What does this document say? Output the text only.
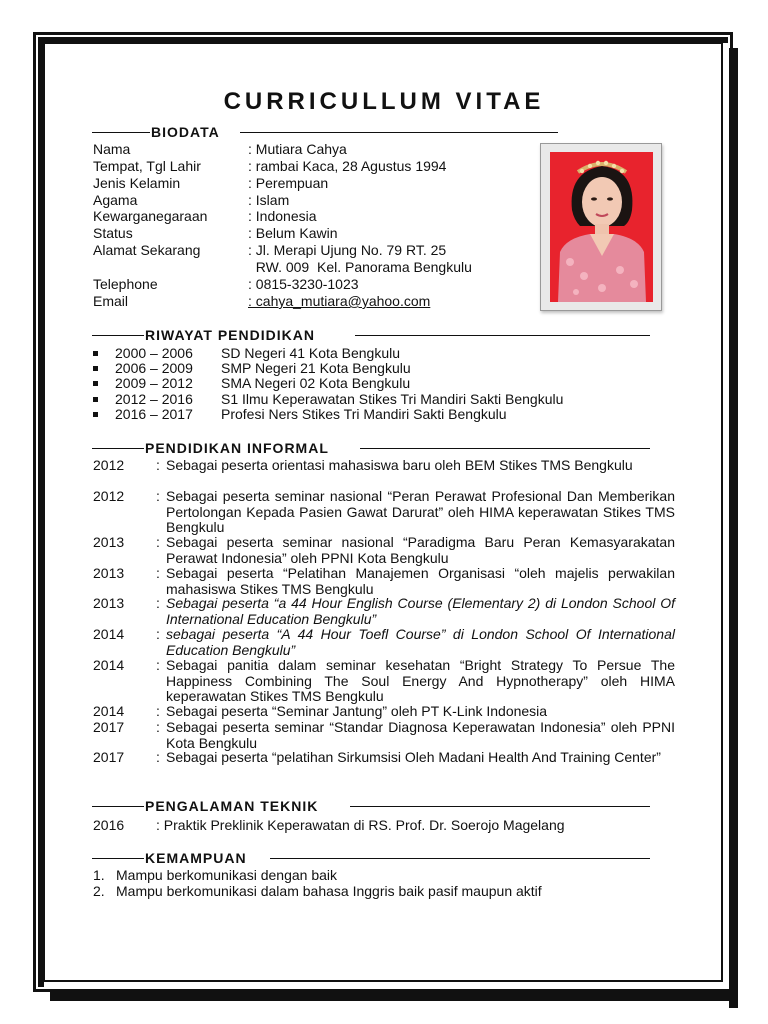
CURRICULLUM VITAE
BIODATA
Nama	: Mutiara Cahya
Tempat, Tgl Lahir	: rambai Kaca, 28 Agustus 1994
Jenis Kelamin	: Perempuan
Agama	: Islam
Kewarganegaraan	: Indonesia
Status	: Belum Kawin
Alamat Sekarang	: Jl. Merapi Ujung No. 79 RT. 25
RW. 009  Kel. Panorama Bengkulu
Telephone	: 0815-3230-1023
Email	: cahya_mutiara@yahoo.com
RIWAYAT PENDIDIKAN
2000 – 2006 SD Negeri 41 Kota Bengkulu
2006 – 2009 SMP Negeri 21 Kota Bengkulu
2009 – 2012 SMA Negeri 02 Kota Bengkulu
2012 – 2016 S1 Ilmu Keperawatan Stikes Tri Mandiri Sakti Bengkulu
2016 – 2017 Profesi Ners Stikes Tri Mandiri Sakti Bengkulu
PENDIDIKAN INFORMAL
2012 : Sebagai peserta orientasi mahasiswa baru oleh BEM Stikes TMS Bengkulu
2012 : Sebagai peserta seminar nasional “Peran Perawat Profesional Dan Memberikan Pertolongan Kepada Pasien Gawat Darurat” oleh HIMA keperawatan Stikes TMS Bengkulu
2013 : Sebagai peserta seminar nasional “Paradigma Baru Peran Kemasyarakatan Perawat Indonesia” oleh PPNI Kota Bengkulu
2013 : Sebagai peserta “Pelatihan Manajemen Organisasi “oleh majelis perwakilan mahasiswa Stikes TMS Bengkulu
2013 : Sebagai peserta “a 44 Hour English Course (Elementary 2) di London School Of International Education Bengkulu”
2014 : sebagai peserta “A 44 Hour Toefl Course” di London School Of International Education Bengkulu”
2014 : Sebagai panitia dalam seminar kesehatan “Bright Strategy To Persue The Happiness Combining The Soul Energy And Hypnotherapy” oleh HIMA keperawatan Stikes TMS Bengkulu
2014 : Sebagai peserta “Seminar Jantung” oleh PT K-Link Indonesia
2017 : Sebagai peserta seminar “Standar Diagnosa Keperawatan Indonesia” oleh PPNI Kota Bengkulu
2017 : Sebagai peserta “pelatihan Sirkumsisi Oleh Madani Health And Training Center”
PENGALAMAN TEKNIK
2016 : Praktik Preklinik Keperawatan di RS. Prof. Dr. Soerojo Magelang
KEMAMPUAN
1. Mampu berkomunikasi dengan baik
2. Mampu berkomunikasi dalam bahasa Inggris baik pasif maupun aktif
